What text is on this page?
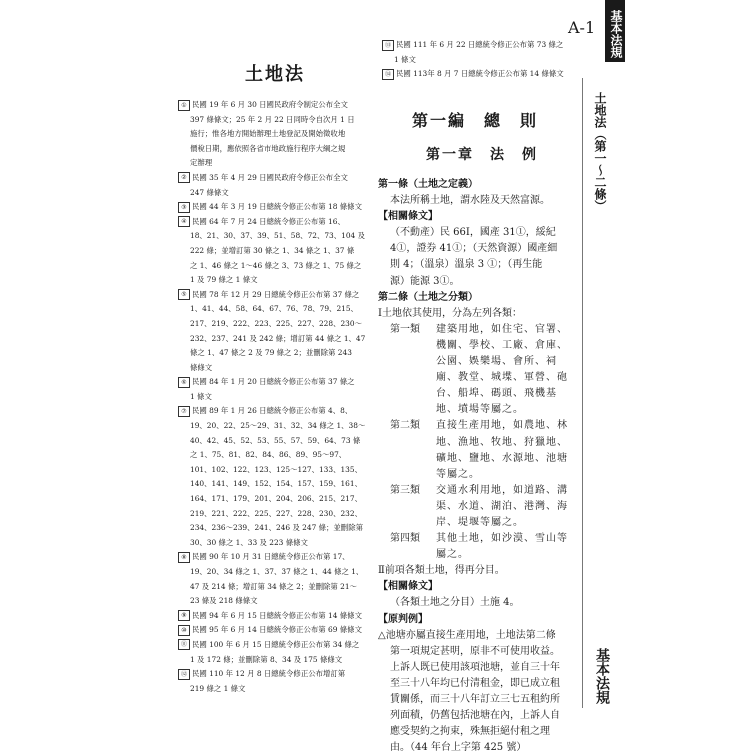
A-1	基本法規
土地法（第一〜二條）
基本法規
土地法
① 民國 19 年 6 月 30 日國民政府令制定公布全文
397 條條文；25 年 2 月 22 日同時令自次月 1 日
施行；惟各地方開始辦理土地登記及開始徵收地
價稅日期，應依照各省市地政施行程序大綱之規
定辦理
② 民國 35 年 4 月 29 日國民政府令修正公布全文
247 條條文
③ 民國 44 年 3 月 19 日總統令修正公布第 18 條條文
④ 民國 64 年 7 月 24 日總統令修正公布第 16、
18、21、30、37、39、51、58、72、73、104 及
222 條；並增訂第 30 條之 1、34 條之 1、37 條
之 1、46 條之 1〜46 條之 3、73 條之 1、75 條之
1 及 79 條之 1 條文
⑤ 民國 78 年 12 月 29 日總統令修正公布第 37 條之
1、41、44、58、64、67、76、78、79、215、
217、219、222、223、225、227、228、230〜
232、237、241 及 242 條；增訂第 44 條之 1、47
條之 1、47 條之 2 及 79 條之 2；並刪除第 243
條條文
⑥ 民國 84 年 1 月 20 日總統令修正公布第 37 條之
1 條文
⑦ 民國 89 年 1 月 26 日總統令修正公布第 4、8、
19、20、22、25〜29、31、32、34 條之 1、38〜
40、42、45、52、53、55、57、59、64、73 條
之 1、75、81、82、84、86、89、95〜97、
101、102、122、123、125〜127、133、135、
140、141、149、152、154、157、159、161、
164、171、179、201、204、206、215、217、
219、221、222、225、227、228、230、232、
234、236〜239、241、246 及 247 條；並刪除第
30、30 條之 1、33 及 223 條條文
⑧ 民國 90 年 10 月 31 日總統令修正公布第 17、
19、20、34 條之 1、37、37 條之 1、44 條之 1、
47 及 214 條；增訂第 34 條之 2；並刪除第 21〜
23 條及 218 條條文
⑨ 民國 94 年 6 月 15 日總統令修正公布第 14 條條文
⑩ 民國 95 年 6 月 14 日總統令修正公布第 69 條條文
⑪ 民國 100 年 6 月 15 日總統令修正公布第 34 條之
1 及 172 條；並刪除第 8、34 及 175 條條文
⑫ 民國 110 年 12 月 8 日總統令修正公布增訂第
219 條之 1 條文
⑬ 民國 111 年 6 月 22 日總統令修正公布第 73 條之
1 條文
⑭ 民國 113年 8 月 7 日總統令修正公布第 14 條條文
第一編　總　則
第一章　法　例
第一條（土地之定義）
本法所稱土地，謂水陸及天然富源。
【相關條文】
（不動產）民 66Ⅰ，國產 31①，綏紀
4①，證券 41①；（天然資源）國產細
則 4；（溫泉）溫泉 3 ①；（再生能
源）能源 3①。
第二條（土地之分類）
Ⅰ土地依其使用，分為左列各類：
第一類	建築用地，如住宅、官署、
機關、學校、工廠、倉庫、
公園、娛樂場、會所、祠
廟、教堂、城堞、軍營、砲
台、船埠、碼頭、飛機基
地、墳場等屬之。
第二類	直接生產用地，如農地、林
地、漁地、牧地、狩獵地、
礦地、鹽地、水源地、池塘
等屬之。
第三類	交通水利用地，如道路、溝
渠、水道、湖泊、港灣、海
岸、堤堰等屬之。
第四類	其他土地，如沙漠、雪山等
屬之。
Ⅱ前項各類土地，得再分目。
【相關條文】
（各類土地之分目）土施 4。
【原判例】
△池塘亦屬直接生產用地，土地法第二條
第一項規定甚明，原非不可使用收益。
上訴人既已使用該項池塘，並自三十年
至三十八年均已付清租金，即已成立租
賃關係，而三十八年訂立三七五租約所
列面積，仍舊包括池塘在內，上訴人自
應受契約之拘束，殊無拒絕付租之理
由。（44 年台上字第 425 號）
